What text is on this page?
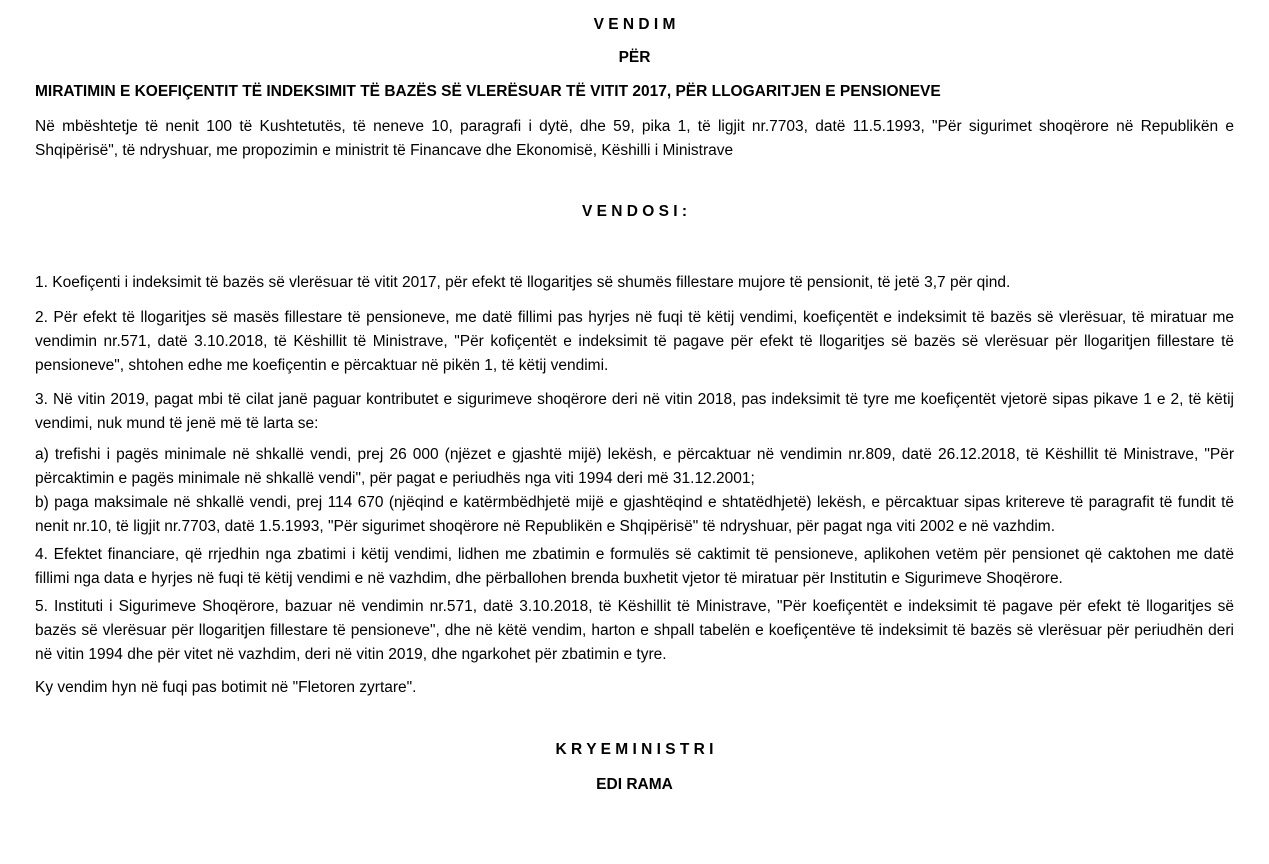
V E N D I M

PËR

MIRATIMIN E KOEFIÇENTIT TË INDEKSIMIT TË BAZËS SË VLERËSUAR TË VITIT 2017, PËR LLOGARITJEN E PENSIONEVE

Në mbështetje të nenit 100 të Kushtetutës, të neneve 10, paragrafi i dytë, dhe 59, pika 1, të ligjit nr.7703, datë 11.5.1993, "Për sigurimet shoqërore në Republikën e Shqipërisë", të ndryshuar, me propozimin e ministrit të Financave dhe Ekonomisë, Këshilli i Ministrave

V E N D O S I :

1. Koefiçenti i indeksimit të bazës së vlerësuar të vitit 2017, për efekt të llogaritjes së shumës fillestare mujore të pensionit, të jetë 3,7 për qind.

2. Për efekt të llogaritjes së masës fillestare të pensioneve, me datë fillimi pas hyrjes në fuqi të këtij vendimi, koefiçentët e indeksimit të bazës së vlerësuar, të miratuar me vendimin nr.571, datë 3.10.2018, të Këshillit të Ministrave, "Për kofiçentët e indeksimit të pagave për efekt të llogaritjes së bazës së vlerësuar për llogaritjen fillestare të pensioneve", shtohen edhe me koefiçentin e përcaktuar në pikën 1, të këtij vendimi.

3. Në vitin 2019, pagat mbi të cilat janë paguar kontributet e sigurimeve shoqërore deri në vitin 2018, pas indeksimit të tyre me koefiçentët vjetorë sipas pikave 1 e 2, të këtij vendimi, nuk mund të jenë më të larta se:

a) trefishi i pagës minimale në shkallë vendi, prej 26 000 (njëzet e gjashtë mijë) lekësh, e përcaktuar në vendimin nr.809, datë 26.12.2018, të Këshillit të Ministrave, "Për përcaktimin e pagës minimale në shkallë vendi", për pagat e periudhës nga viti 1994 deri më 31.12.2001;

b) paga maksimale në shkallë vendi, prej 114 670 (njëqind e katërmbëdhjetë mijë e gjashtëqind e shtatëdhjetë) lekësh, e përcaktuar sipas kritereve të paragrafit të fundit të nenit nr.10, të ligjit nr.7703, datë 1.5.1993, "Për sigurimet shoqërore në Republikën e Shqipërisë" të ndryshuar, për pagat nga viti 2002 e në vazhdim.

4. Efektet financiare, që rrjedhin nga zbatimi i këtij vendimi, lidhen me zbatimin e formulës së caktimit të pensioneve, aplikohen vetëm për pensionet që caktohen me datë fillimi nga data e hyrjes në fuqi të këtij vendimi e në vazhdim, dhe përballohen brenda buxhetit vjetor të miratuar për Institutin e Sigurimeve Shoqërore.

5. Instituti i Sigurimeve Shoqërore, bazuar në vendimin nr.571, datë 3.10.2018, të Këshillit të Ministrave, "Për koefiçentët e indeksimit të pagave për efekt të llogaritjes së bazës së vlerësuar për llogaritjen fillestare të pensioneve", dhe në këtë vendim, harton e shpall tabelën e koefiçentëve të indeksimit të bazës së vlerësuar për periudhën deri në vitin 1994 dhe për vitet në vazhdim, deri në vitin 2019, dhe ngarkohet për zbatimin e tyre.

Ky vendim hyn në fuqi pas botimit në "Fletoren zyrtare".

K R Y E M I N I S T R I

EDI RAMA
